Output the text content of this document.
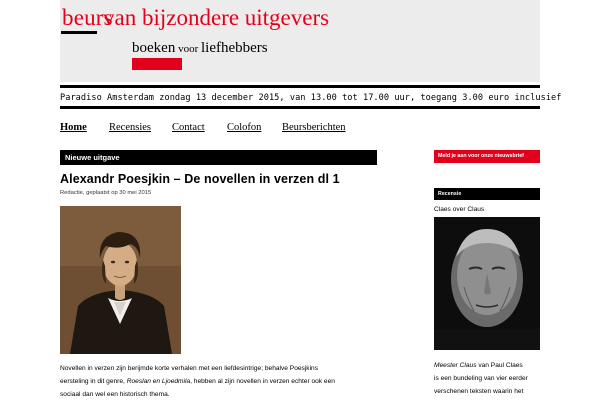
beurs
van bijzondere uitgevers
boeken voor liefhebbers
Paradiso Amsterdam zondag 13 december 2015, van 13.00 tot 17.00 uur, toegang 3.00 euro inclusief
Home Recensies Contact Colofon Beursberichten
Nieuwe uitgave
Alexandr Poesjkin – De novellen in verzen dl 1
Redactie, geplaatst op 30 mei 2015
Novellen in verzen zijn berijmde korte verhalen met een liefdesintrige; behalve Poesjkins
eersteling in dit genre, Roeslan en Ljoedmila, hebben al zijn novellen in verzen echter ook een
sociaal dan wel een historisch thema.
Meld je aan voor onze nieuwsbrief
Recensie
Claes over Claus
Meester Claus van Paul Claes
is een bundeling van vier eerder
verschenen teksten waarin het
